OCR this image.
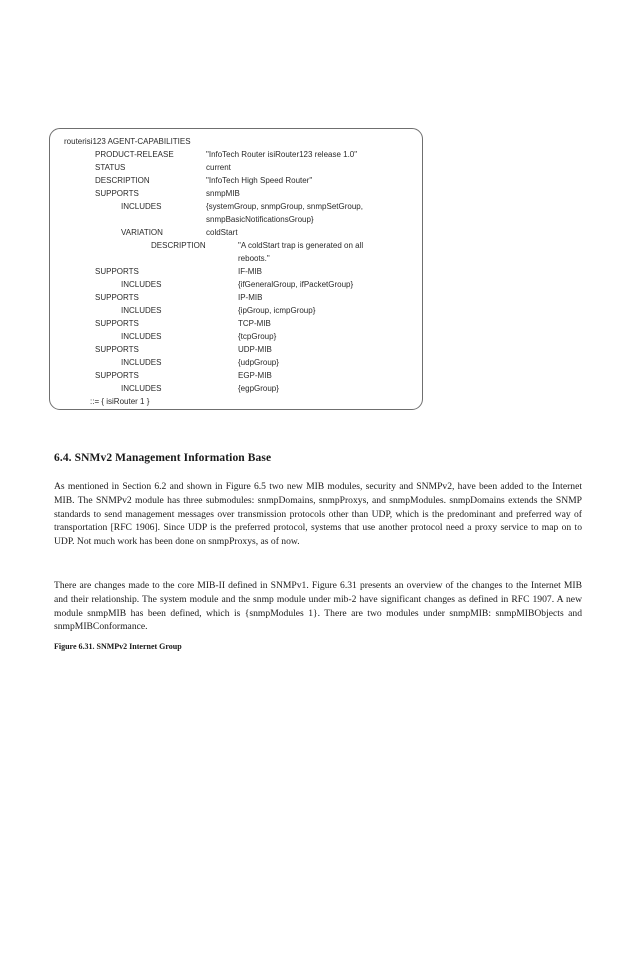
routerisi123 AGENT-CAPABILITIES
PRODUCT-RELEASE	"InfoTech Router isiRouter123 release 1.0"
STATUS	current
DESCRIPTION	"InfoTech High Speed Router"
SUPPORTS	snmpMIB
INCLUDES	{systemGroup, snmpGroup, snmpSetGroup,
snmpBasicNotificationsGroup}
VARIATION	coldStart
DESCRIPTION	"A coldStart trap is generated on all
reboots."
SUPPORTS	IF-MIB
INCLUDES	{ifGeneralGroup, ifPacketGroup}
SUPPORTS	IP-MIB
INCLUDES	{ipGroup, icmpGroup}
SUPPORTS	TCP-MIB
INCLUDES	{tcpGroup}
SUPPORTS	UDP-MIB
INCLUDES	{udpGroup}
SUPPORTS	EGP-MIB
INCLUDES	{egpGroup}
::= { isiRouter 1 }
6.4. SNMv2 Management Information Base

As mentioned in Section 6.2 and shown in Figure 6.5 two new MIB modules, security and SNMPv2, have been added to the Internet MIB. The SNMPv2 module has three submodules: snmpDomains, snmpProxys, and snmpModules. snmpDomains extends the SNMP standards to send management messages over transmission protocols other than UDP, which is the predominant and preferred way of transportation [RFC 1906]. Since UDP is the preferred protocol, systems that use another protocol need a proxy service to map on to UDP. Not much work has been done on snmpProxys, as of now.

There are changes made to the core MIB-II defined in SNMPv1. Figure 6.31 presents an overview of the changes to the Internet MIB and their relationship. The system module and the snmp module under mib-2 have significant changes as defined in RFC 1907. A new module snmpMIB has been defined, which is {snmpModules 1}. There are two modules under snmpMIB: snmpMIBObjects and snmpMIBConformance.

Figure 6.31. SNMPv2 Internet Group
